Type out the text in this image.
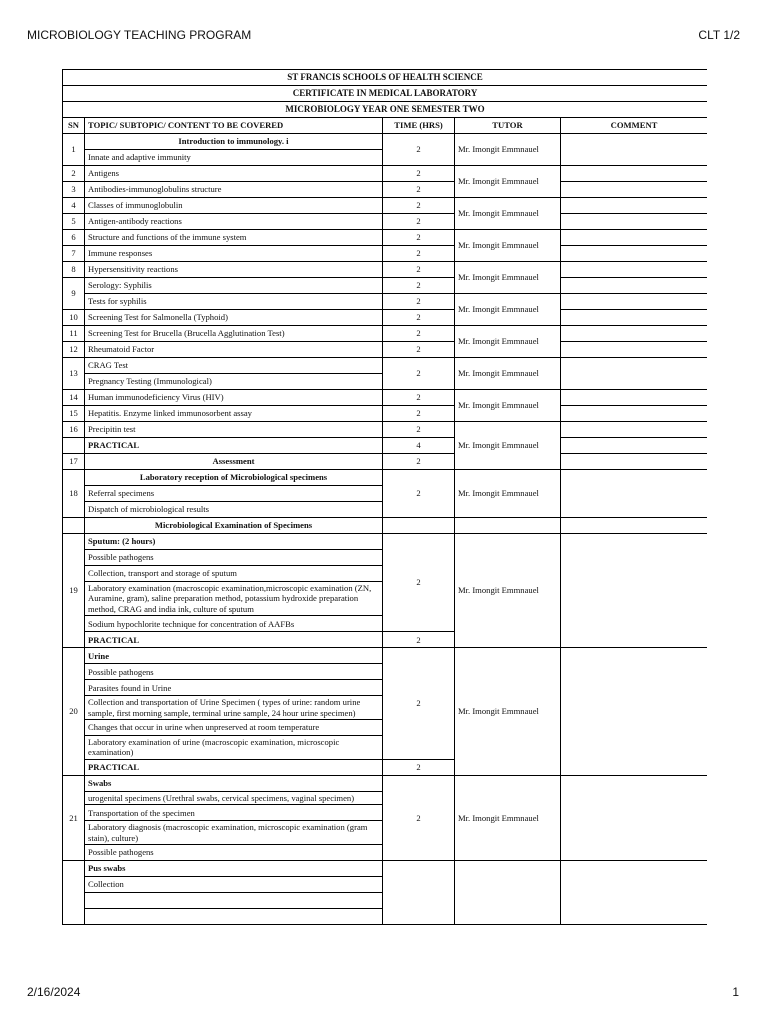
MICROBIOLOGY TEACHING PROGRAM	CLT 1/2
ST FRANCIS SCHOOLS OF HEALTH SCIENCE				
CERTIFICATE IN MEDICAL LABORATORY				
MICROBIOLOGY YEAR ONE SEMESTER TWO				
SN	TOPIC/ SUBTOPIC/ CONTENT TO BE COVERED	TIME (HRS)	TUTOR	COMMENT
1	Introduction to immunology. i	2	Mr. Imongit Emmnauel	
	Innate and adaptive immunity			
2	Antigens	2	Mr. Imongit Emmnauel	
3	Antibodies-immunoglobulins structure	2		
4	Classes of immunoglobulin	2	Mr. Imongit Emmnauel	
5	Antigen-antibody reactions	2		
6	Structure and functions of the immune system	2	Mr. Imongit Emmnauel	
7	Immune responses	2		
8	Hypersensitivity reactions	2	Mr. Imongit Emmnauel	
9	Serology: Syphilis	2		
	Tests for syphilis	2	Mr. Imongit Emmnauel	
10	Screening Test for Salmonella (Typhoid)	2		
11	Screening Test for Brucella (Brucella Agglutination Test)	2	Mr. Imongit Emmnauel	
12	Rheumatoid Factor	2		
13	CRAG Test	2	Mr. Imongit Emmnauel	
	Pregnancy Testing (Immunological)			
14	Human immunodeficiency Virus (HIV)	2	Mr. Imongit Emmnauel	
15	Hepatitis. Enzyme linked immunosorbent assay	2		
16	Precipitin test	2	Mr. Imongit Emmnauel	
	PRACTICAL	4		
17	Assessment	2		
18	Laboratory reception of Microbiological specimens	2	Mr. Imongit Emmnauel	
	Referral specimens			
	Dispatch of microbiological results			
	Microbiological Examination of Specimens			
19	Sputum: (2 hours)	2	Mr. Imongit Emmnauel	
	Possible pathogens			
	Collection, transport and storage of sputum			
	Laboratory examination (macroscopic examination,microscopic examination (ZN, Auramine, gram), saline preparation method, potassium hydroxide preparation method, CRAG and india ink, culture of sputum			
	Sodium hypochlorite technique for concentration of AAFBs			
	PRACTICAL	2		
20	Urine	2	Mr. Imongit Emmnauel	
	Possible pathogens			
	Parasites found in Urine			
	Collection and transportation of Urine Specimen ( types of urine: random urine sample, first morning sample, terminal urine sample, 24 hour urine specimen)			
	Changes that occur in urine when unpreserved at room temperature			
	Laboratory examination of urine (macroscopic examination, microscopic examination)			
	PRACTICAL	2		
21	Swabs	2	Mr. Imongit Emmnauel	
	urogenital specimens (Urethral swabs, cervical specimens, vaginal specimen)			
	Transportation of the specimen			
	Laboratory diagnosis (macroscopic examination, microscopic examination (gram stain), culture)			
	Possible pathogens			
	Pus swabs			
	Collection			

2/16/2024	1
